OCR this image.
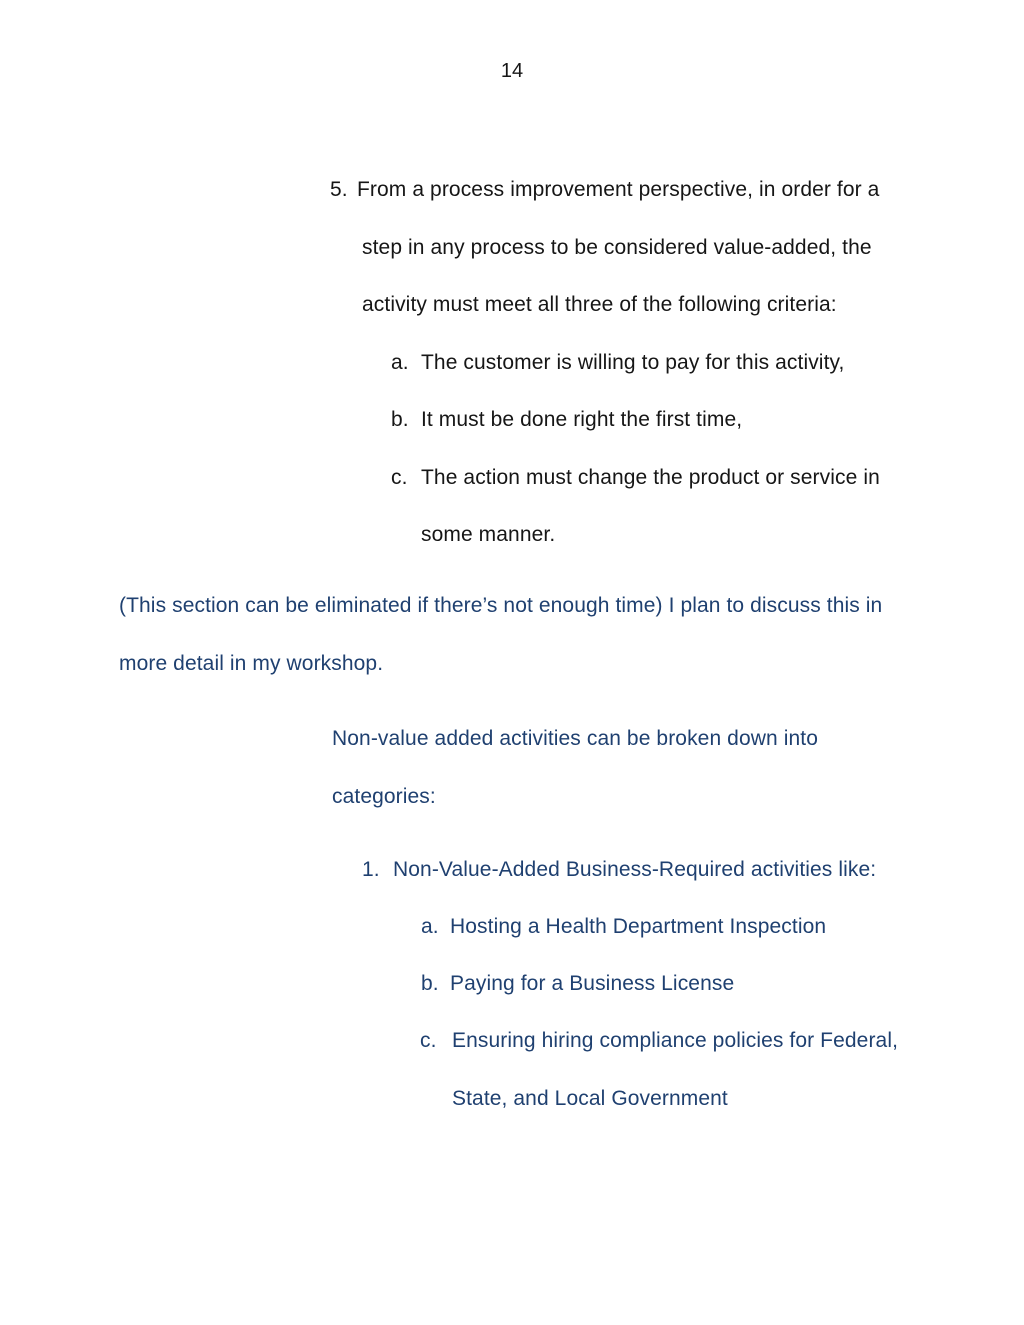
14
5. From a process improvement perspective, in order for a
step in any process to be considered value-added, the
activity must meet all three of the following criteria:
a. The customer is willing to pay for this activity,
b. It must be done right the first time,
c. The action must change the product or service in
some manner.
(This section can be eliminated if there’s not enough time) I plan to discuss this in
more detail in my workshop.
Non-value added activities can be broken down into
categories:
1. Non-Value-Added Business-Required activities like:
a. Hosting a Health Department Inspection
b. Paying for a Business License
c. Ensuring hiring compliance policies for Federal,
State, and Local Government
